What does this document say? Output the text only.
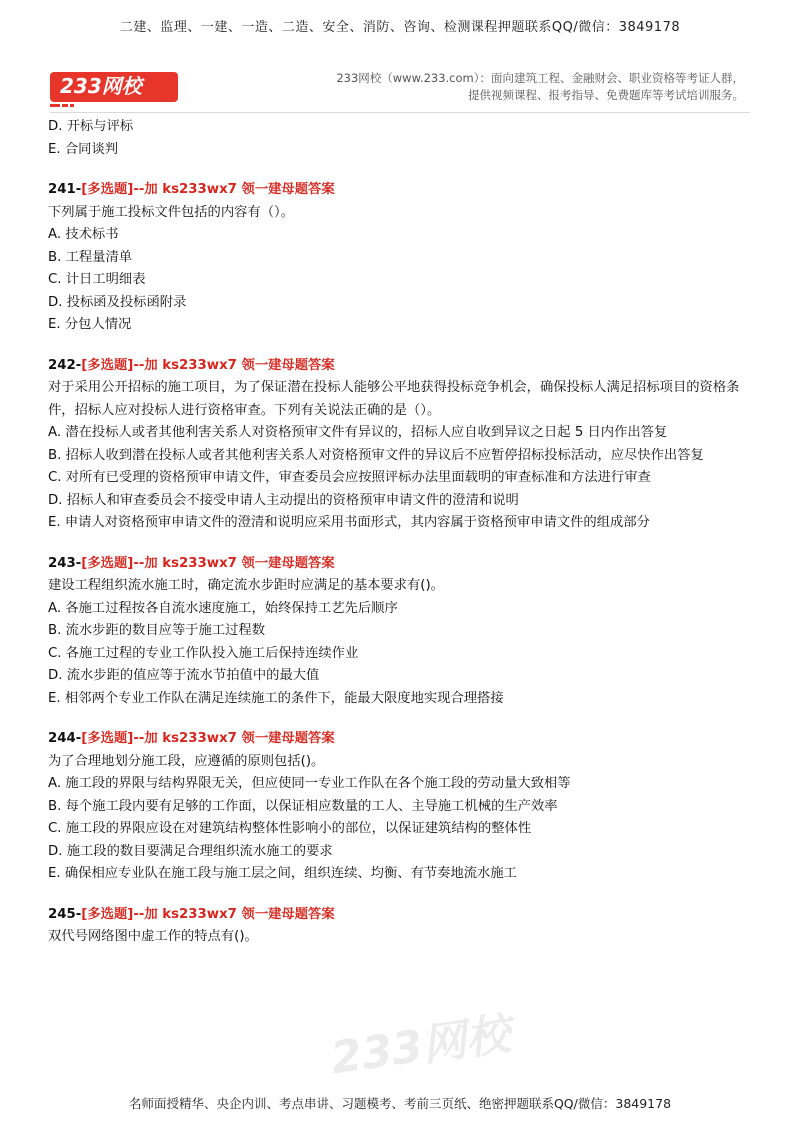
二建、监理、一建、一造、二造、安全、消防、咨询、检测课程押题联系QQ/微信：3849178
233网校	233网校（www.233.com）：面向建筑工程、金融财会、职业资格等考证人群，
提供视频课程、报考指导、免费题库等考试培训服务。
233网校

D. 开标与评标

E. 合同谈判

241-[多选题]--加 ks233wx7 领一建母题答案

下列属于施工投标文件包括的内容有（）。

A. 技术标书

B. 工程量清单

C. 计日工明细表

D. 投标函及投标函附录

E. 分包人情况

242-[多选题]--加 ks233wx7 领一建母题答案

对于采用公开招标的施工项目，为了保证潜在投标人能够公平地获得投标竞争机会，确保投标人满足招标项目的资格条件，招标人应对投标人进行资格审查。下列有关说法正确的是（）。

A. 潜在投标人或者其他利害关系人对资格预审文件有异议的，招标人应自收到异议之日起 5 日内作出答复

B. 招标人收到潜在投标人或者其他利害关系人对资格预审文件的异议后不应暂停招标投标活动，应尽快作出答复

C. 对所有已受理的资格预审申请文件，审查委员会应按照评标办法里面载明的审查标准和方法进行审查

D. 招标人和审查委员会不接受申请人主动提出的资格预审申请文件的澄清和说明

E. 申请人对资格预审申请文件的澄清和说明应采用书面形式，其内容属于资格预审申请文件的组成部分

243-[多选题]--加 ks233wx7 领一建母题答案

建设工程组织流水施工时，确定流水步距时应满足的基本要求有()。

A. 各施工过程按各自流水速度施工，始终保持工艺先后顺序

B. 流水步距的数目应等于施工过程数

C. 各施工过程的专业工作队投入施工后保持连续作业

D. 流水步距的值应等于流水节拍值中的最大值

E. 相邻两个专业工作队在满足连续施工的条件下，能最大限度地实现合理搭接

244-[多选题]--加 ks233wx7 领一建母题答案

为了合理地划分施工段，应遵循的原则包括()。

A. 施工段的界限与结构界限无关，但应使同一专业工作队在各个施工段的劳动量大致相等

B. 每个施工段内要有足够的工作面，以保证相应数量的工人、主导施工机械的生产效率

C. 施工段的界限应设在对建筑结构整体性影响小的部位，以保证建筑结构的整体性

D. 施工段的数目要满足合理组织流水施工的要求

E. 确保相应专业队在施工段与施工层之间，组织连续、均衡、有节奏地流水施工

245-[多选题]--加 ks233wx7 领一建母题答案

双代号网络图中虚工作的特点有()。

名师面授精华、央企内训、考点串讲、习题模考、考前三页纸、绝密押题联系QQ/微信：3849178
